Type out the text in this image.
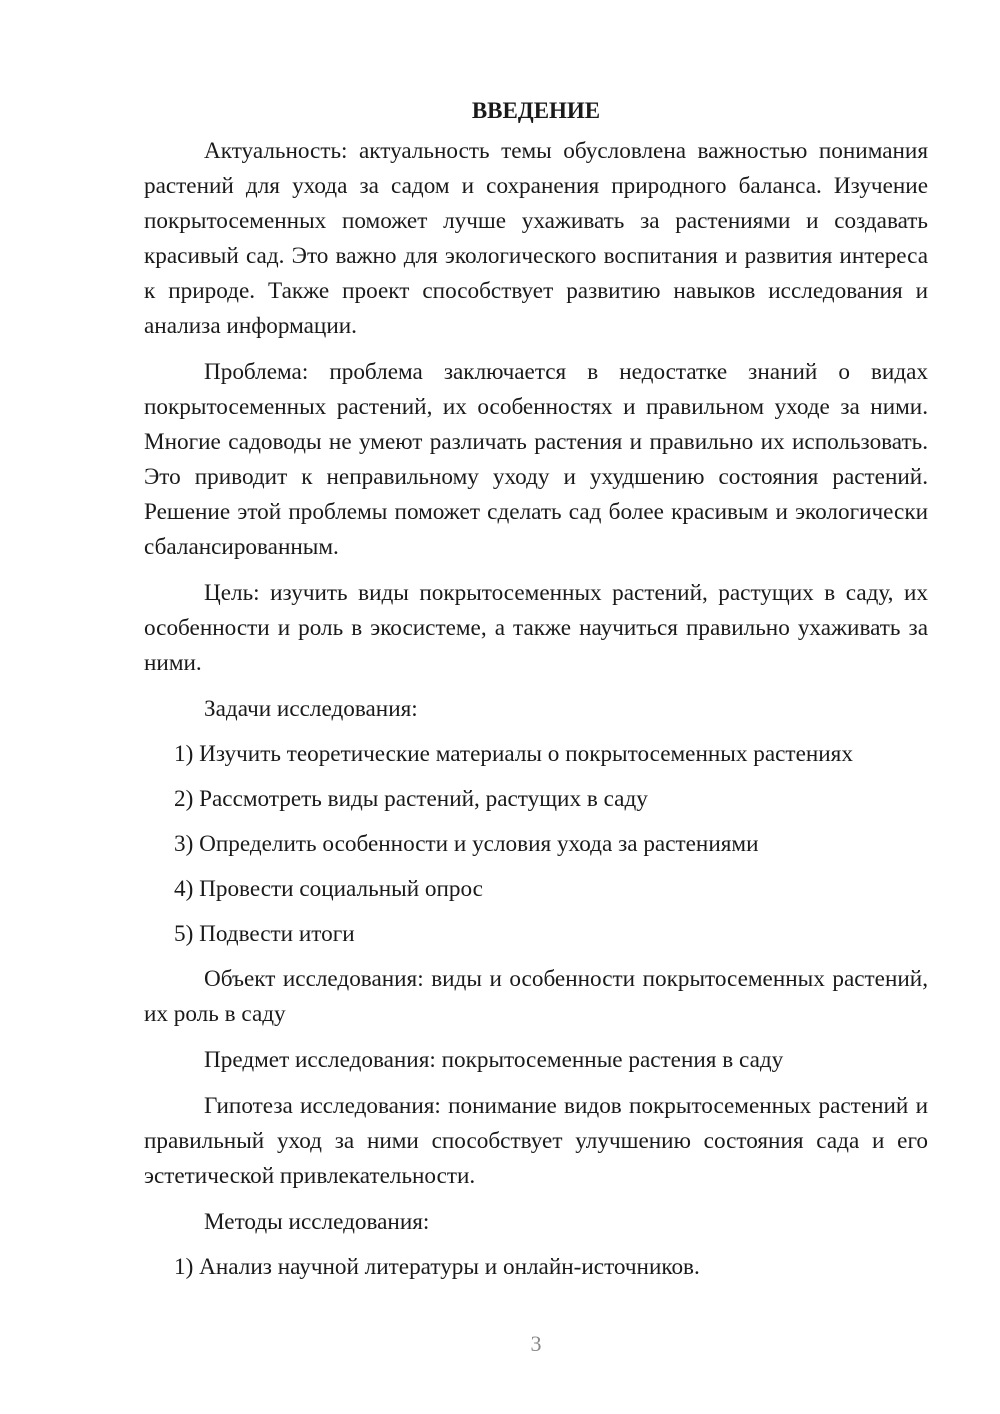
ВВЕДЕНИЕ

Актуальность: актуальность темы обусловлена важностью понимания растений для ухода за садом и сохранения природного баланса. Изучение покрытосеменных поможет лучше ухаживать за растениями и создавать красивый сад. Это важно для экологического воспитания и развития интереса к природе. Также проект способствует развитию навыков исследования и анализа информации.

Проблема: проблема заключается в недостатке знаний о видах покрытосеменных растений, их особенностях и правильном уходе за ними. Многие садоводы не умеют различать растения и правильно их использовать. Это приводит к неправильному уходу и ухудшению состояния растений. Решение этой проблемы поможет сделать сад более красивым и экологически сбалансированным.

Цель: изучить виды покрытосеменных растений, растущих в саду, их особенности и роль в экосистеме, а также научиться правильно ухаживать за ними.

Задачи исследования:

1) Изучить теоретические материалы о покрытосеменных растениях

2) Рассмотреть виды растений, растущих в саду

3) Определить особенности и условия ухода за растениями

4) Провести социальный опрос

5) Подвести итоги

Объект исследования: виды и особенности покрытосеменных растений, их роль в саду

Предмет исследования: покрытосеменные растения в саду

Гипотеза исследования: понимание видов покрытосеменных растений и правильный уход за ними способствует улучшению состояния сада и его эстетической привлекательности.

Методы исследования:

1) Анализ научной литературы и онлайн-источников.

3
